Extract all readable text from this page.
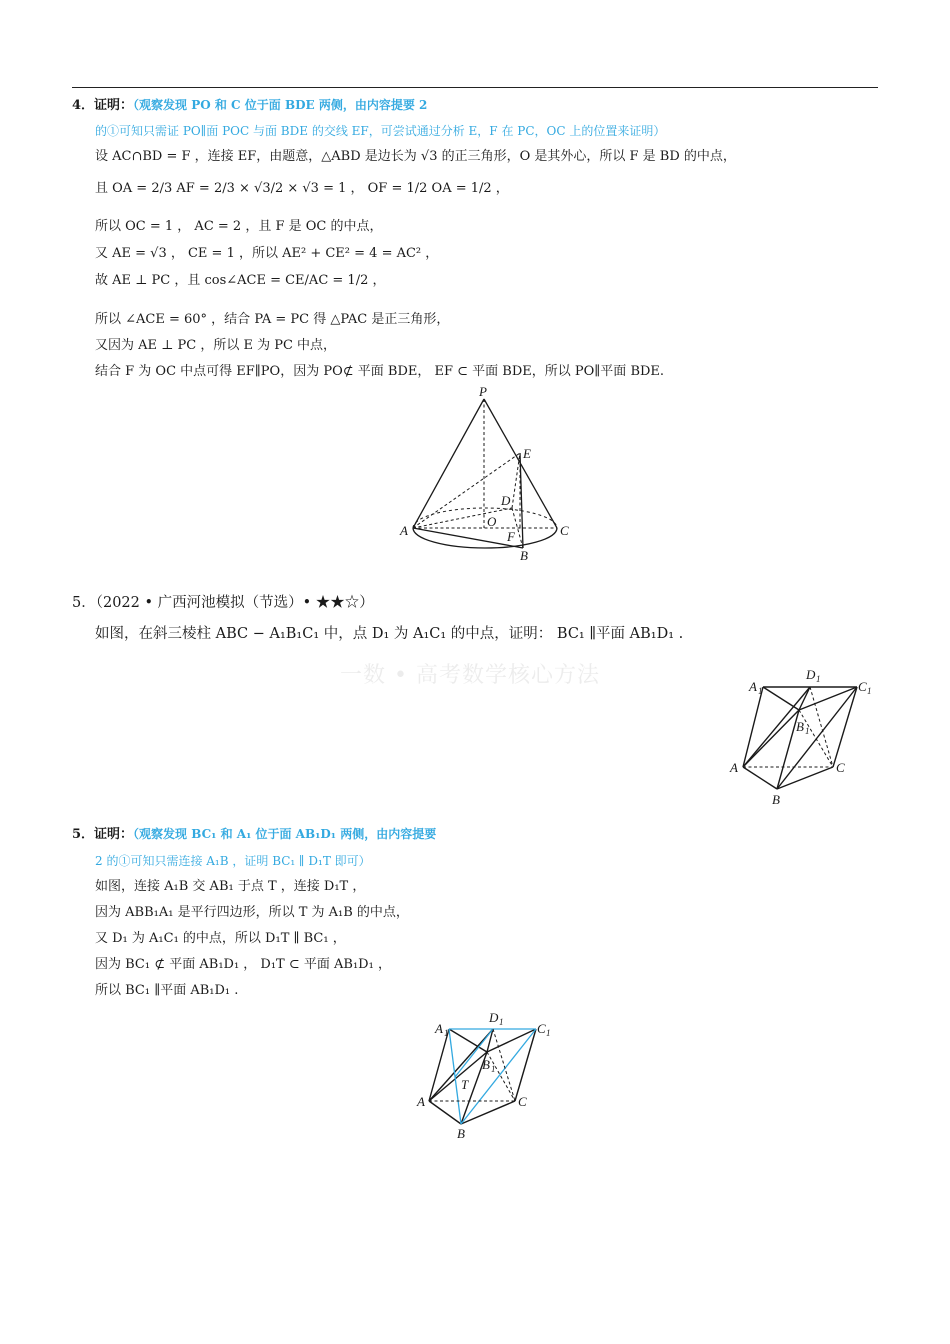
4．证明：（观察发现 PO 和 C 位于面 BDE 两侧，由内容提要 2
的①可知只需证 PO∥面 POC 与面 BDE 的交线 EF，可尝试通过分析 E，F 在 PC，OC 上的位置来证明）
设 AC∩BD = F ，连接 EF，由题意，△ABD 是边长为 √3 的正三角形，O 是其外心，所以 F 是 BD 的中点，
且 OA = 2/3 AF = 2/3 × √3/2 × √3 = 1 ， OF = 1/2 OA = 1/2 ，
所以 OC = 1 ， AC = 2 ，且 F 是 OC 的中点，
又 AE = √3 ， CE = 1 ，所以 AE² + CE² = 4 = AC² ，
故 AE ⊥ PC ，且 cos∠ACE = CE/AC = 1/2 ，
所以 ∠ACE = 60° ，结合 PA = PC 得 △PAC 是正三角形，
又因为 AE ⊥ PC ，所以 E 为 PC 中点，
结合 F 为 OC 中点可得 EF∥PO，因为 PO⊄ 平面 BDE， EF ⊂ 平面 BDE，所以 PO∥平面 BDE.
P
E
D
O
A	C
F
B
5．（2022 • 广西河池模拟（节选）• ★★☆）
如图，在斜三棱柱 ABC − A₁B₁C₁ 中，点 D₁ 为 A₁C₁ 的中点，证明： BC₁ ∥平面 AB₁D₁ .
一数 • 高考数学核心方法	A 1
D 1	C 1
B 1
A	C
B
5．证明：（观察发现 BC₁ 和 A₁ 位于面 AB₁D₁ 两侧，由内容提要
2 的①可知只需连接 A₁B ，证明 BC₁ ∥ D₁T 即可）
如图，连接 A₁B 交 AB₁ 于点 T ，连接 D₁T ，
因为 ABB₁A₁ 是平行四边形，所以 T 为 A₁B 的中点，
又 D₁ 为 A₁C₁ 的中点，所以 D₁T ∥ BC₁ ，
因为 BC₁ ⊄ 平面 AB₁D₁ ， D₁T ⊂ 平面 AB₁D₁ ，
所以 BC₁ ∥平面 AB₁D₁ .
A 1
D 1	C 1
B 1
T
A	C
B
